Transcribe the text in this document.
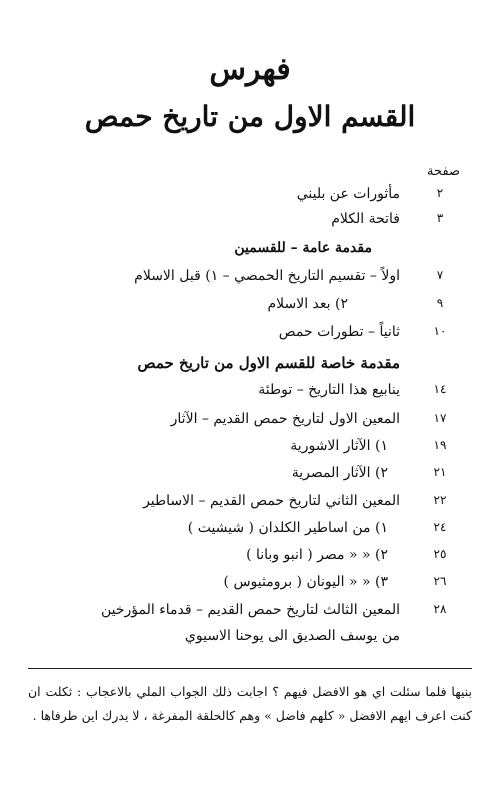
فهرس
القسم الاول من تاريخ حمص
صفحة
٢
مأثورات عن بليني
٣
فاتحة الكلام
مقدمة عامة – للقسمين
٧
اولاً – تقسيم التاريخ الحمصي – ١) قبل الاسلام
٩
٢) بعد الاسلام
١٠
ثانياً – تطورات حمص
مقدمة خاصة للقسم الاول من تاريخ حمص
١٤
ينابيع هذا التاريخ – توطئة
١٧
المعين الاول لتاريخ حمص القديم – الآثار
١٩
١) الآثار الاشورية
٢١
٢) الآثار المصرية
٢٢
المعين الثاني لتاريخ حمص القديم – الاساطير
٢٤
١) من اساطير الكلدان ( شيشيت )
٢٥
٢) « « مصر ( انبو وبانا )
٢٦
٣) « « اليونان ( برومثيوس )
٢٨
المعين الثالث لتاريخ حمص القديم – قدماء المؤرخين
من يوسف الصديق الى يوحنا الاسيوي
بنيها فلما سئلت اي هو الافضل فيهم ؟ اجابت ذلك الجواب الملي بالاعجاب : ثكلت ان كنت اعرف ايهم الافضل « كلهم فاضل » وهم كالحلقة المفرغة ، لا يدرك اين طرفاها .
